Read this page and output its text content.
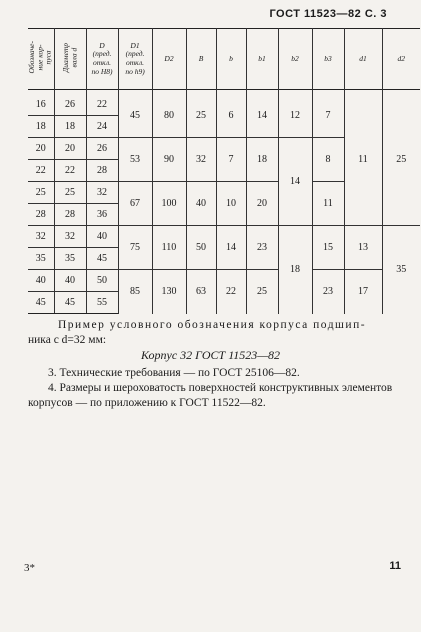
ГОСТ 11523—82 С. 3
Обозначе-
ние кор-
пуса	Диаметр
вала d	D
(пред.
откл.
по H8)	D1
(пред.
откл.
по h9)	D2	B	b	b1	b2	b3	d1	d2
16	26	22	45	80	25	6	14	12	7	11	25
18	18	24									
20	20	26	53	90	32	7	18	14	8		
22	22	28									
25	25	32	67	100	40	10	20		11		
28	28	36									
32	32	40	75	110	50	14	23	18	15	13	35
35	35	45									
40	40	50	85	130	63	22	25		23	17	
45	45	55									
Пример условного обозначения корпуса подшип-
ника с d=32 мм:
Корпус 32 ГОСТ 11523—82
3. Технические требования — по ГОСТ 25106—82.
4. Размеры и шероховатость поверхностей конструктивных элементов корпусов — по приложению к ГОСТ 11522—82.
3*	11
